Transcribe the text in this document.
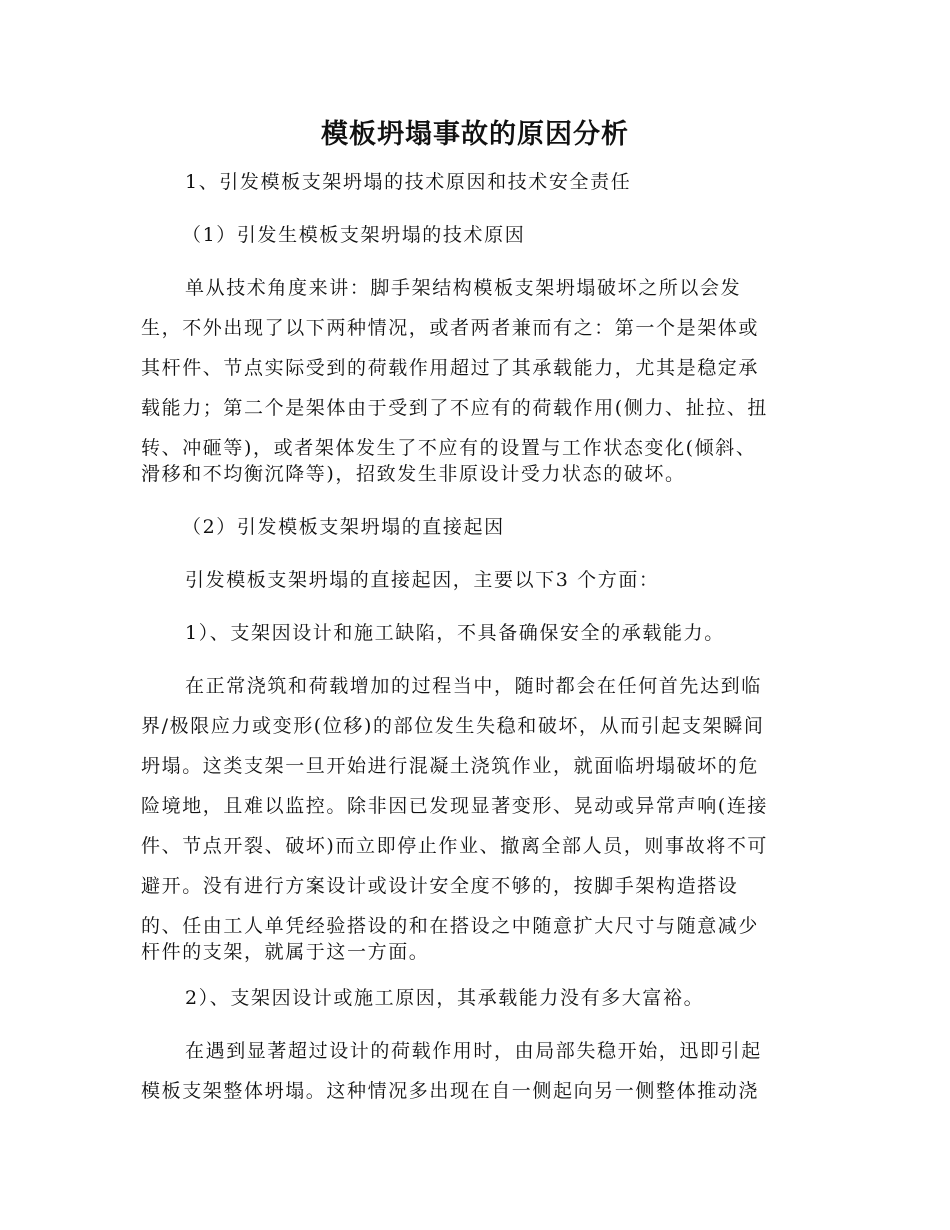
模板坍塌事故的原因分析
1、引发模板支架坍塌的技术原因和技术安全责任
（1）引发生模板支架坍塌的技术原因
单从技术角度来讲：脚手架结构模板支架坍塌破坏之所以会发
生，不外出现了以下两种情况，或者两者兼而有之：第一个是架体或
其杆件、节点实际受到的荷载作用超过了其承载能力，尤其是稳定承
载能力；第二个是架体由于受到了不应有的荷载作用(侧力、扯拉、扭
转、冲砸等)，或者架体发生了不应有的设置与工作状态变化(倾斜、
滑移和不均衡沉降等)，招致发生非原设计受力状态的破坏。
（2）引发模板支架坍塌的直接起因
引发模板支架坍塌的直接起因，主要以下3 个方面：
1）、支架因设计和施工缺陷，不具备确保安全的承载能力。
在正常浇筑和荷载增加的过程当中，随时都会在任何首先达到临
界/极限应力或变形(位移)的部位发生失稳和破坏，从而引起支架瞬间
坍塌。这类支架一旦开始进行混凝土浇筑作业，就面临坍塌破坏的危
险境地，且难以监控。除非因已发现显著变形、晃动或异常声响(连接
件、节点开裂、破坏)而立即停止作业、撤离全部人员，则事故将不可
避开。没有进行方案设计或设计安全度不够的，按脚手架构造搭设
的、任由工人单凭经验搭设的和在搭设之中随意扩大尺寸与随意减少
杆件的支架，就属于这一方面。
2）、支架因设计或施工原因，其承载能力没有多大富裕。
在遇到显著超过设计的荷载作用时，由局部失稳开始，迅即引起
模板支架整体坍塌。这种情况多出现在自一侧起向另一侧整体推动浇
